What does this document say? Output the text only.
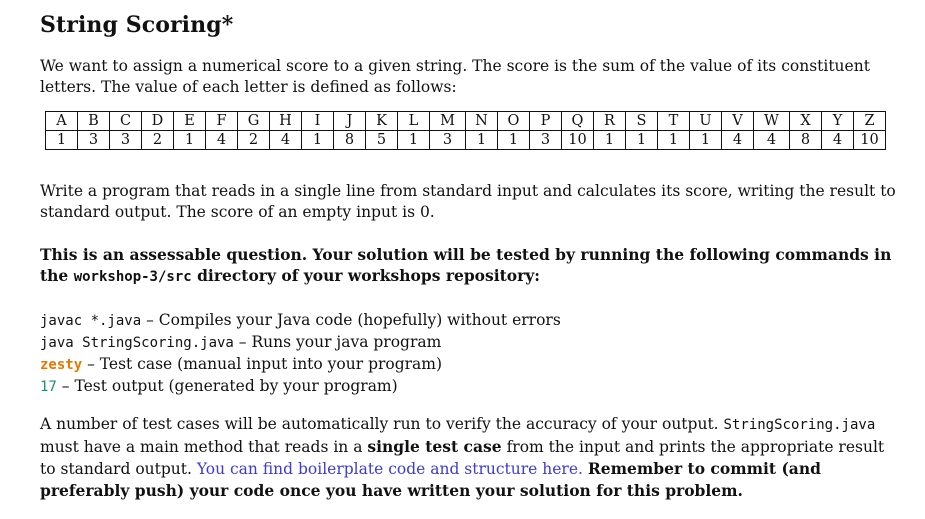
String Scoring*

We want to assign a numerical score to a given string. The score is the sum of the value of its constituent letters. The value of each letter is defined as follows:

A	B	C	D	E	F	G	H	I	J	K	L	M	N	O	P	Q	R	S	T	U	V	W	X	Y	Z
1	3	3	2	1	4	2	4	1	8	5	1	3	1	1	3	10	1	1	1	1	4	4	8	4	10

Write a program that reads in a single line from standard input and calculates its score, writing the result to standard output. The score of an empty input is 0.

This is an assessable question. Your solution will be tested by running the following commands in the workshop-3/src directory of your workshops repository:

javac *.java – Compiles your Java code (hopefully) without errors
java StringScoring.java – Runs your java program
zesty – Test case (manual input into your program)
17 – Test output (generated by your program)

A number of test cases will be automatically run to verify the accuracy of your output. StringScoring.java must have a main method that reads in a single test case from the input and prints the appropriate result to standard output. You can find boilerplate code and structure here. Remember to commit (and preferably push) your code once you have written your solution for this problem.
